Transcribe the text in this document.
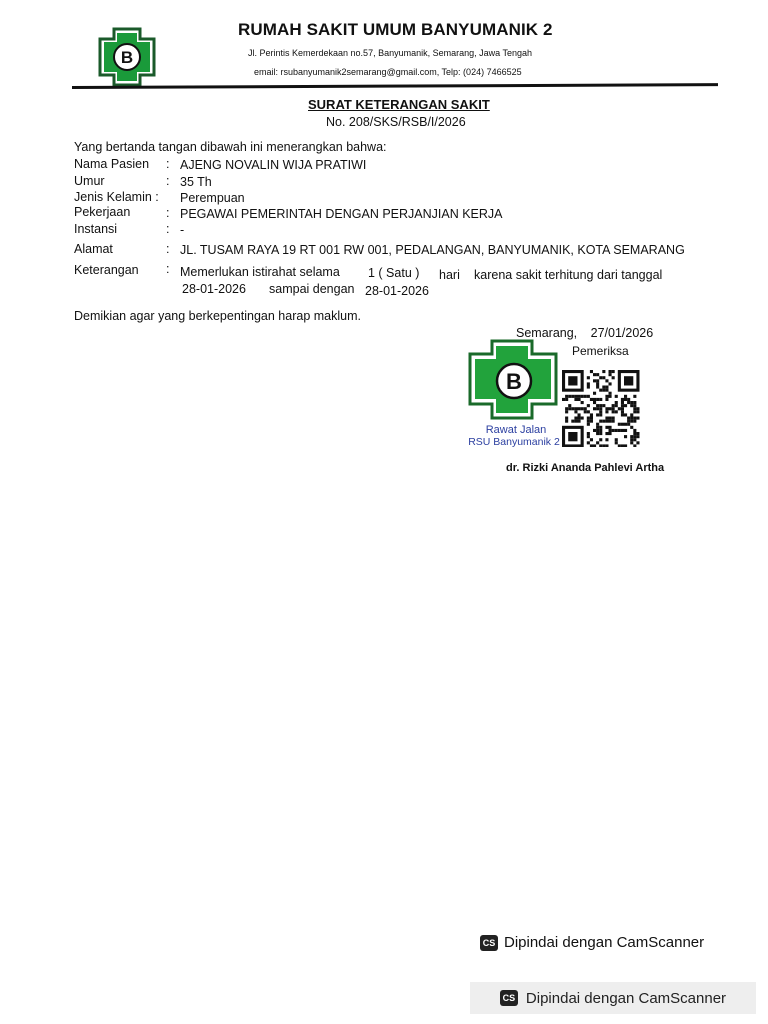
B
RUMAH SAKIT UMUM BANYUMANIK 2
Jl. Perintis Kemerdekaan no.57, Banyumanik, Semarang, Jawa Tengah
email: rsubanyumanik2semarang@gmail.com, Telp: (024) 7466525
SURAT KETERANGAN SAKIT
No. 208/SKS/RSB/I/2026
Yang bertanda tangan dibawah ini menerangkan bahwa:
Nama Pasien : AJENG NOVALIN WIJA PRATIWI
Umur	: 35 Th
Jenis Kelamin : Perempuan
Pekerjaan	: PEGAWAI PEMERINTAH DENGAN PERJANJIAN KERJA
Instansi	: -
Alamat	: JL. TUSAM RAYA 19 RT 001 RW 001, PEDALANGAN, BANYUMANIK, KOTA SEMARANG
Keterangan : Memerlukan istirahat selama 1 ( Satu ) hari karena sakit terhitung dari tanggal
28-01-2026 sampai dengan 28-01-2026
Demikian agar yang berkepentingan harap maklum.
Semarang, 27/01/2026
Pemeriksa
B
Rawat Jalan
RSU Banyumanik 2
dr. Rizki Ananda Pahlevi Artha
CS Dipindai dengan CamScanner
CS Dipindai dengan CamScanner
